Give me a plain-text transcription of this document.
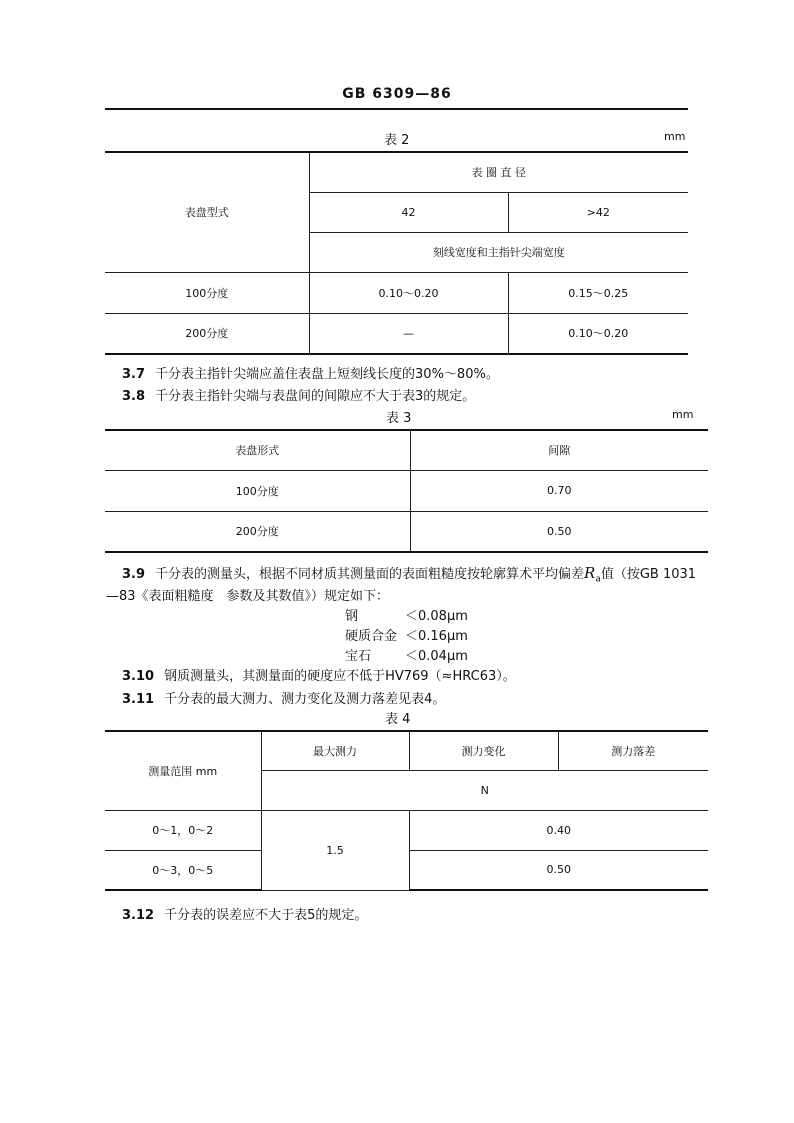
GB 6309—86
表 2	mm
表盘型式	表 圈 直 径	
	42	>42
	刻线宽度和主指针尖端宽度	
100分度	0.10～0.20	0.15～0.25
200分度	—	0.10～0.20
3.7 千分表主指针尖端应盖住表盘上短刻线长度的30%～80%。
3.8 千分表主指针尖端与表盘间的间隙应不大于表3的规定。
表 3	mm
表盘形式	间隙
100分度	0.70
200分度	0.50
3.9 千分表的测量头，根据不同材质其测量面的表面粗糙度按轮廓算术平均偏差$R_a$值（按GB 1031
—83《表面粗糙度　参数及其数值》）规定如下：
钢	＜0.08μm
硬质合金 ＜0.16μm
宝石	＜0.04μm
3.10 钢质测量头，其测量面的硬度应不低于HV769（≈HRC63）。
3.11 千分表的最大测力、测力变化及测力落差见表4。
表 4
测量范围 mm	最大测力	测力变化	测力落差
	N		
0～1，0～2	1.5	0.40	
0～3，0～5		0.50	
3.12 千分表的误差应不大于表5的规定。
